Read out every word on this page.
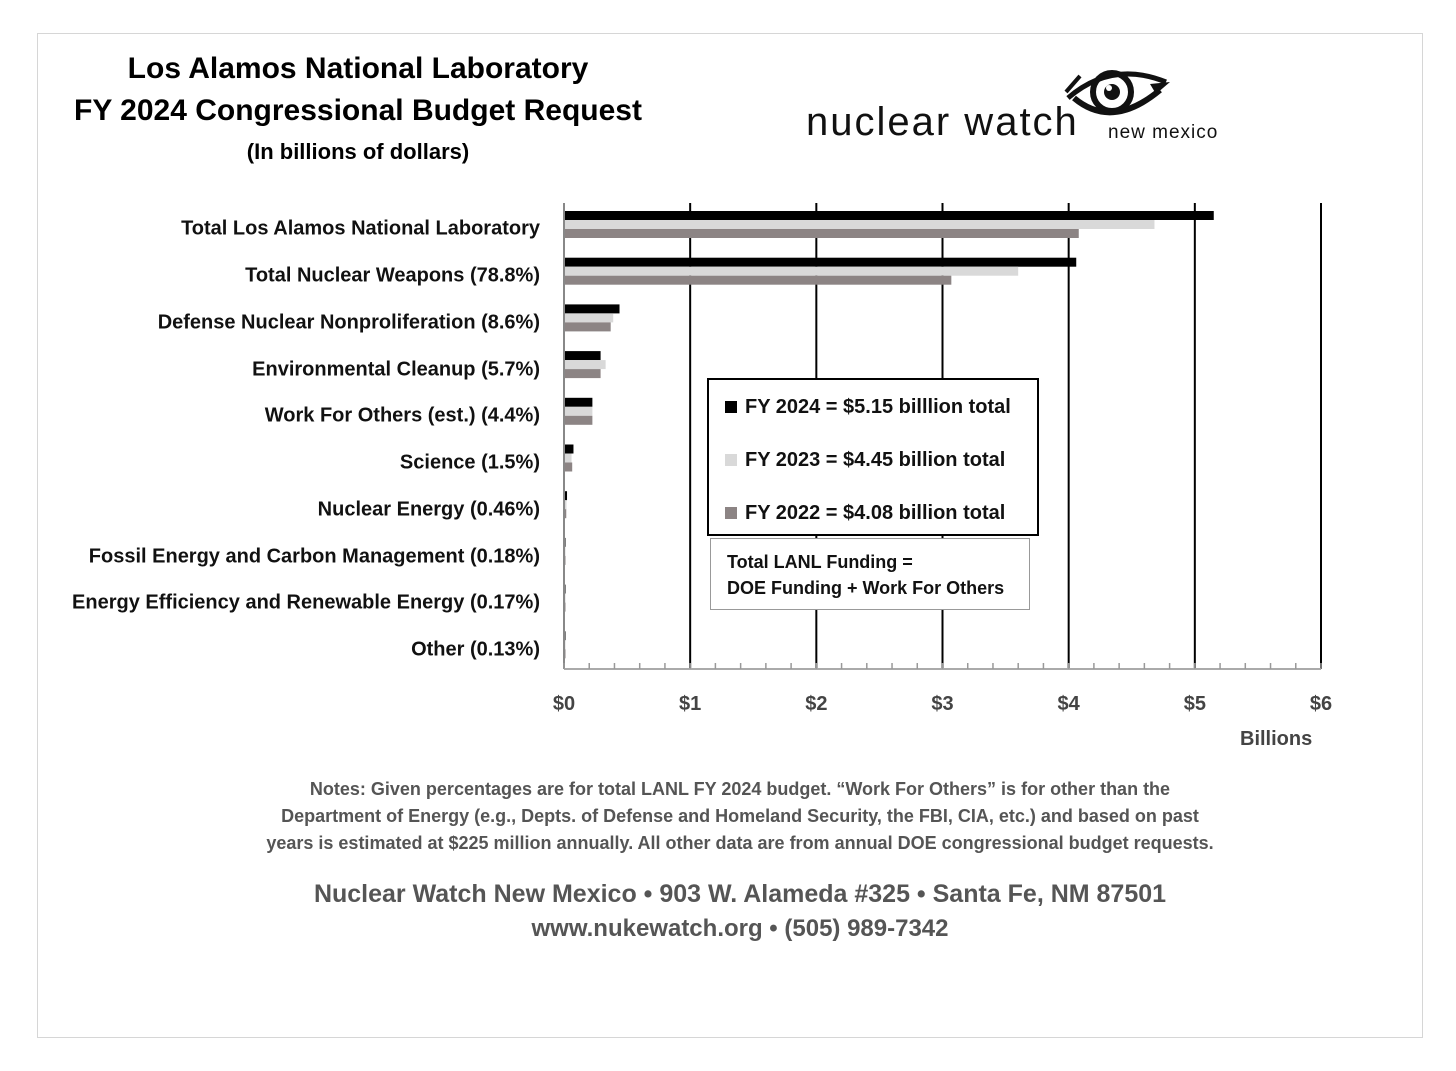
Los Alamos National Laboratory
FY 2024 Congressional Budget Request
(In billions of dollars)
nuclear watch new mexico
Total Los Alamos National Laboratory
Total Nuclear Weapons (78.8%)
Defense Nuclear Nonproliferation (8.6%)
Environmental Cleanup (5.7%)
Work For Others (est.) (4.4%)
Science (1.5%)
Nuclear Energy (0.46%)
Fossil Energy and Carbon Management (0.18%)
Energy Efficiency and Renewable Energy (0.17%)
Other (0.13%)
$0	$1	$2	$3	$4	$5	$6
FY 2024 = $5.15 billlion total
FY 2023 = $4.45 billion total
FY 2022 = $4.08 billion total
Total LANL Funding =
DOE Funding + Work For Others
Billions
Notes: Given percentages are for total LANL FY 2024 budget. “Work For Others” is for other than the
Department of Energy (e.g., Depts. of Defense and Homeland Security, the FBI, CIA, etc.) and based on past
years is estimated at $225 million annually. All other data are from annual DOE congressional budget requests.
Nuclear Watch New Mexico • 903 W. Alameda #325 • Santa Fe, NM 87501
www.nukewatch.org • (505) 989-7342
